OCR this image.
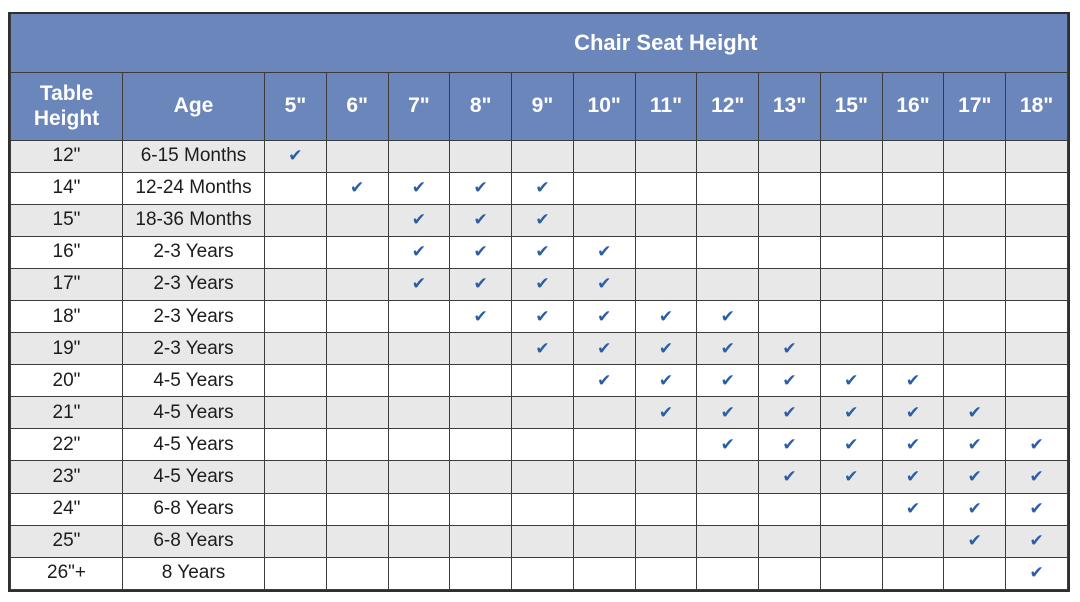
		Chair Seat Height												
Table Height	Age	5"	6"	7"	8"	9"	10"	11"	12"	13"	15"	16"	17"	18"
12"	6-15 Months	✔												
14"	12-24 Months		✔	✔	✔	✔								
15"	18-36 Months			✔	✔	✔								
16"	2-3 Years			✔	✔	✔	✔							
17"	2-3 Years			✔	✔	✔	✔							
18"	2-3 Years				✔	✔	✔	✔	✔					
19"	2-3 Years					✔	✔	✔	✔	✔				
20"	4-5 Years						✔	✔	✔	✔	✔	✔		
21"	4-5 Years							✔	✔	✔	✔	✔	✔	
22"	4-5 Years								✔	✔	✔	✔	✔	✔
23"	4-5 Years									✔	✔	✔	✔	✔
24"	6-8 Years											✔	✔	✔
25"	6-8 Years												✔	✔
26"+	8 Years													✔
